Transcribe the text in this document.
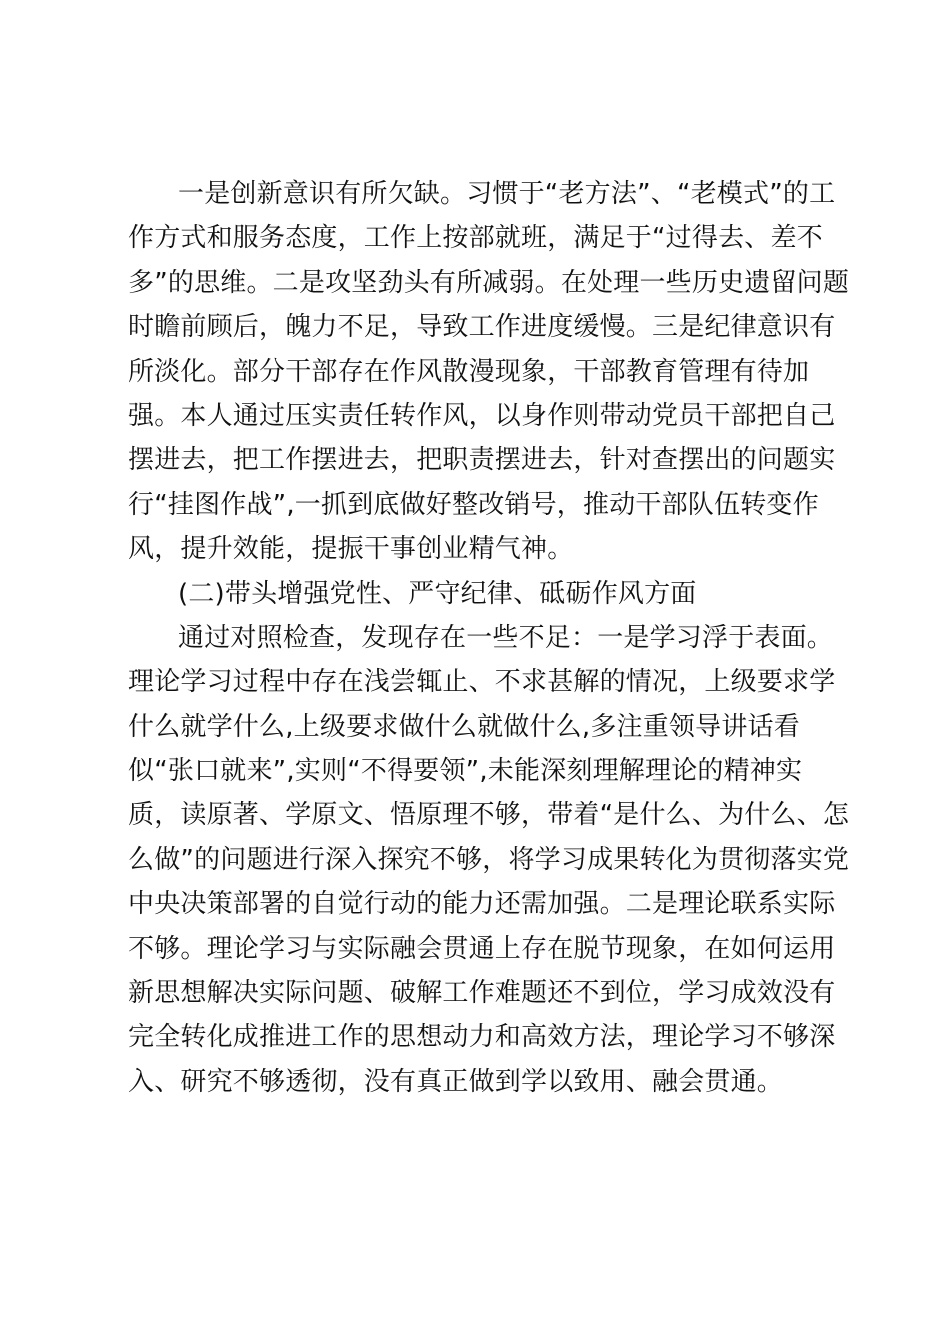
一是创新意识有所欠缺。习惯于“老方法”、“老模式”的工
作方式和服务态度，工作上按部就班，满足于“过得去、差不
多”的思维。二是攻坚劲头有所减弱。在处理一些历史遗留问题
时瞻前顾后，魄力不足，导致工作进度缓慢。三是纪律意识有
所淡化。部分干部存在作风散漫现象，干部教育管理有待加
强。本人通过压实责任转作风，以身作则带动党员干部把自己
摆进去，把工作摆进去，把职责摆进去，针对查摆出的问题实
行“挂图作战”,一抓到底做好整改销号，推动干部队伍转变作
风，提升效能，提振干事创业精气神。
(二)带头增强党性、严守纪律、砥砺作风方面
通过对照检查，发现存在一些不足：一是学习浮于表面。
理论学习过程中存在浅尝辄止、不求甚解的情况，上级要求学
什么就学什么,上级要求做什么就做什么,多注重领导讲话看
似“张口就来”,实则“不得要领”,未能深刻理解理论的精神实
质，读原著、学原文、悟原理不够，带着“是什么、为什么、怎
么做”的问题进行深入探究不够，将学习成果转化为贯彻落实党
中央决策部署的自觉行动的能力还需加强。二是理论联系实际
不够。理论学习与实际融会贯通上存在脱节现象，在如何运用
新思想解决实际问题、破解工作难题还不到位，学习成效没有
完全转化成推进工作的思想动力和高效方法，理论学习不够深
入、研究不够透彻，没有真正做到学以致用、融会贯通。
